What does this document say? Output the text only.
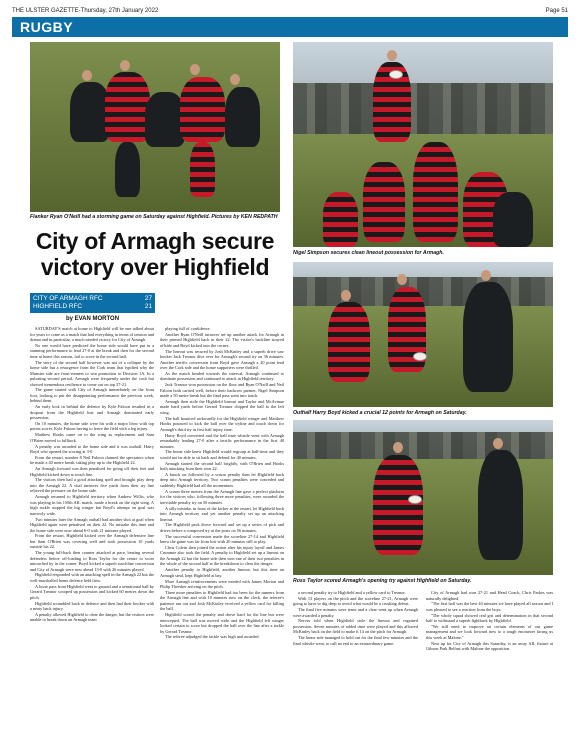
THE ULSTER GAZETTE-Thursday, 27th January 2022	Page 51
RUGBY
Flanker Ryan O'Neill had a storming game on Saturday against Highfield. Pictures by KEN REDPATH
City of Armagh secure victory over Highfield
CITY OF ARMAGH RFC	27
HIGHFIELD RFC	21
by EVAN MORTON
Nigel Simpson secures clean lineout possession for Armagh.
Outhalf Harry Boyd kicked a crucial 12 points for Armagh on Saturday.
Ross Taylor scored Armagh's opening try against Highfield on Saturday.

SATURDAY'S match at home to Highfield will be one talked about for years to come as a match that had everything in terms of tension and drama and in particular, a much needed victory for City of Armagh.

No one would have predicted the home side would have put in a stunning performance to lead 27-0 at the break and then for the second time at home this season, fail to score in the second half.

The story of the second half however was not of a collapse by the home side but a resurgence from the Cork team that typified why the Munster side are front-runners to win promotion to Division 1A. In a pulsating second period, Armagh were frequently under the cosh but showed tremendous resilience to come out on top 27-21.

The game started with City of Armagh immediately on the front foot, looking to put the disappointing performance the previous week, behind them.

An early kick in behind the defence by Kyle Faloon resulted in a dropout from the Highfield line and Armagh dominated early possession.

On 10 minutes, the home side were hit with a major blow with top points scorer, Kyle Faloon having to leave the field with a leg injury.

Matthew Hooks came on to the wing as replacement and Sam O'Brien moved to fullback.

A penalty was awarded to the home side and it was outhalf, Harry Boyd who opened the scoring at 3-0.

From the restart, number 8 Neil Faloon claimed the spectators when he made a 40 metre break, taking play up to the Highfield 22.

An Armagh forward was then penalised for going off their feet and Highfield kicked down to touch line.

The visitors then had a good attacking spell and brought play deep into the Armagh 22. A vital turnover five yards from their try line relieved the pressure on the home side.

Armagh returned to Highfield territory when Andrew Willis, who was playing in his 150th AIL match, made a break on the right wing. A high tackle stopped the big winger but Boyd's attempt on goal was narrowly wide.

Two minutes later the Armagh outhalf had another shot at goal when Highfield again were penalised on their 22. No mistake this time and the home side were now ahead 6-0 with 21 minutes played.

From the restart, Highfield kicked over the Armagh defensive line but Sam O'Brien was covering well and took possession 10 yards outside his 22.

The young full-back then counter attacked at pace, beating several defenders before off-loading to Ross Taylor for the centre to score untouched by in the corner. Boyd kicked a superb touchline conversion and City of Armagh were now ahead 13-0 with 26 minutes played.

Highfield responded with an attacking spell in the Armagh 22 but the well-marshalled home defence held firm.

A loose pass from Highfield went to ground and a sensational ball by Gerard Treanor scooped up possession and kicked 60 metres down the pitch.

Highfield scrambled back in defence and then had their hooker with a neaty back injury.

A penalty allowed Highfield to clear the danger, but the visitors were unable to break down an Armagh team

playing full of confidence.

Another Ryan O'Neill turnover set up another attack for Armagh in their primed Highfield back in their 22. The visitor's backline strayed offside and Boyd kicked into the corner.

The lineout was secured by Josh McKinley and a superb drive saw hooker Jack Treanor dive over for Armagh's second try on 36 minutes. Another terrific conversion from Boyd gave Armagh a 20 point lead over the Cork side and the home supporters were thrilled.

As the match headed towards the interval, Armagh continued to dominate possession and continued to attack in Highfield territory.

Jack Treanor won possession on the floor and Ryan O'Neill and Neil Faloon both carried well, before their backrow partner, Nigel Simpson made a 50 metre break but the final pass went into touch.

Armagh then stole the Highfield lineout and Taylor and McAvinue made hard yards before Gerard Treanor chipped the ball to the left wing.

The ball bounced awkwardly for the Highfield winger and Matthew Hooks pounced to kick the ball over the tryline and touch down for Armagh's third try in first half injury time.

Harry Boyd converted and the half time whistle went with Armagh remarkably leading 27-0 after a terrific performance in the first 40 minutes.

The home side knew Highfield would regroup at half-time and they would not be able to sit back and defend for 40 minutes.

Armagh started the second half brightly, with O'Brien and Hooks both attacking from their own 22.

A knock on followed by a scrum penalty then let Highfield back deep into Armagh territory. Two scrum penalties were conceded and suddenly Highfield had all the momentum.

A scrum three metres from the Armagh line gave a perfect platform for the visitors who, following three more penalties, were awarded the inevitable penalty try on 50 minutes.

A silly mistake, in front of the kicker at the restart, let Highfield back into Armagh territory and yet another penalty set up an attacking lineout.

The Highfield pack drove forward and set up a series of pick and drives before a composed try at the posts on 56 minutes.

The successful conversion made the scoreline 27-14 and Highfield knew the game was far from lost with 20 minutes still to play.

Chris Colvin then joined the action after his injury layoff and James Crummie also took the field. A penalty to Highfield set up a lineout on the Armagh 22 but the home side then won one of their two penalties in the whole of the second half at the breakdown to clear the danger.

Another penalty to Highfield, another lineout, but this time an Armagh steal, kept Highfield at bay.

More Armagh reinforcements were needed with James Morton and Philip Thresher arriving on the pitch.

Three more penalties to Highfield had too been for the runners from the Armagh line and with 10 minutes now on the clock, the referee's patience ran out and Josh McKinley received a yellow card for killing the ball.

Highfield scored the penalty and drove hard for the line but were intercepted. The ball was moved wide and the Highfield left winger looked certain to score but dropped the ball over the line after a tackle by Gerard Treanor.

The referee adjudged the tackle was high and awarded

a second penalty try to Highfield and a yellow card to Treanor.

With 13 players on the pitch and the scoreline 27-21, Armagh were going to have to dig deep to avoid what would be a crushing defeat.

The final five minutes were tense and a clear went up when Armagh were awarded a penalty.

Nerves told when Highfield stole the lineout and regained possession. Seven minutes of added time were played and this allowed McKinley back on the field to make it 14 on the pitch for Armagh.

The home side managed to hold out for the final few minutes and the final whistle went, to call an end to an extraordinary game.

City of Armagh had won 27-21 and Head Coach, Chris Parkes was naturally delighted.

"The first half was the best 40 minutes we have played all season and I was pleased to see a reaction from the boys.

"The whole squad showed real grit and determination in that second half to withstand a superb fightback by Highfield.

"We still need to improve on certain elements of our game management and we look forward now to a tough encounter facing us this week at Malone."

Next up for City of Armagh this Saturday, is an away AIL fixture at Gibson Park Belfast with Malone the opposition.
